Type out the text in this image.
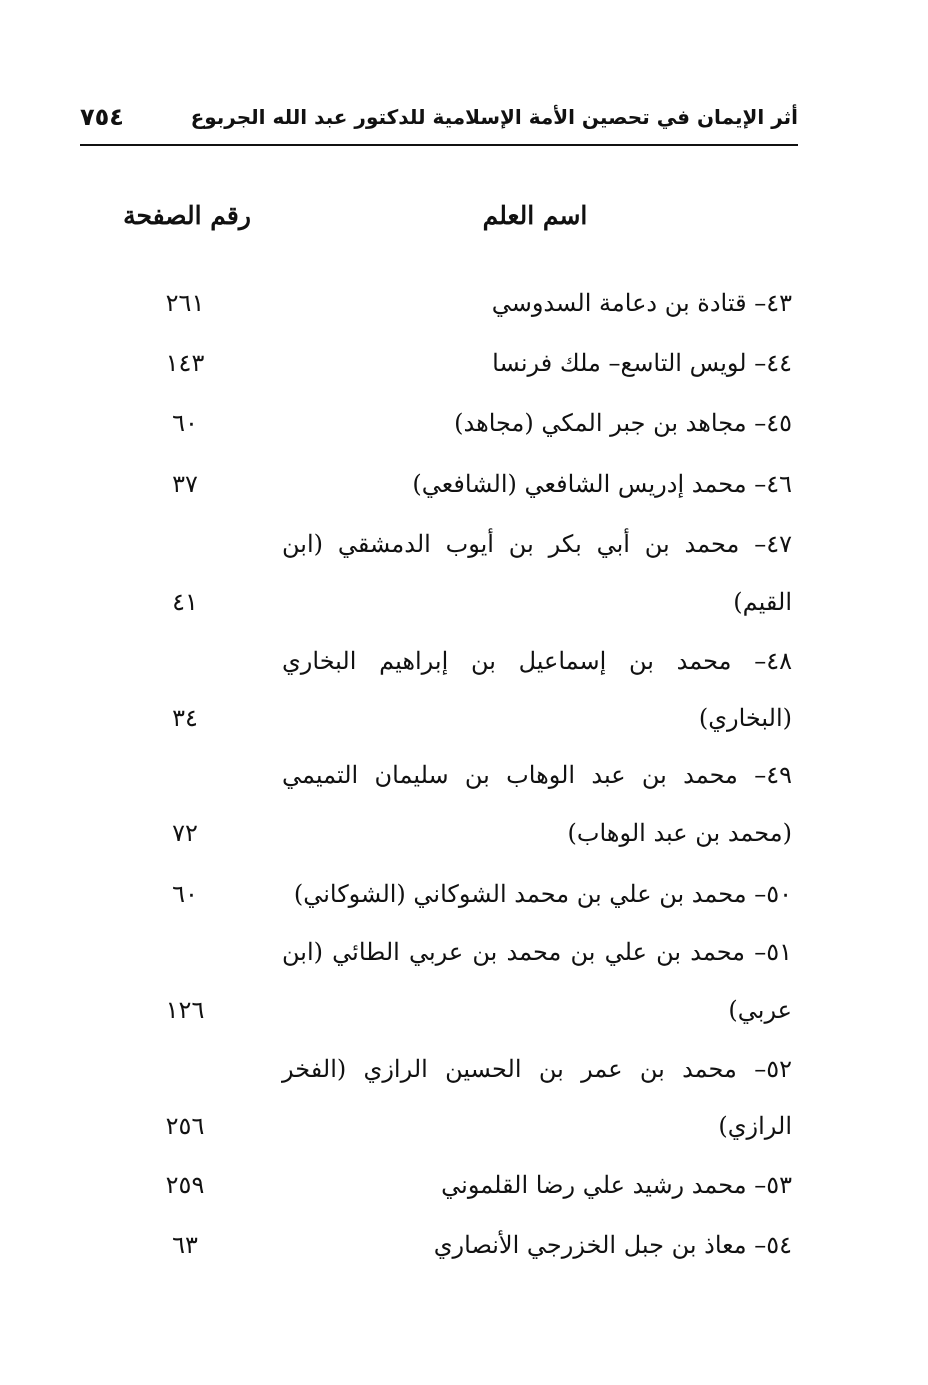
أثر الإيمان في تحصين الأمة الإسلامية للدكتور عبد الله الجربوع
٧٥٤
اسم العلم
رقم الصفحة
٤٣– قتادة بن دعامة السدوسي
٢٦١
٤٤– لويس التاسع– ملك فرنسا
١٤٣
٤٥– مجاهد بن جبر المكي (مجاهد)
٦٠
٤٦– محمد إدريس الشافعي (الشافعي)
٣٧
٤٧– محمد بن أبي بكر بن أيوب الدمشقي (ابن
القيم)
٤١
٤٨– محمد بن إسماعيل بن إبراهيم البخاري
(البخاري)
٣٤
٤٩– محمد بن عبد الوهاب بن سليمان التميمي
(محمد بن عبد الوهاب)
٧٢
٥٠– محمد بن علي بن محمد الشوكاني (الشوكاني)
٦٠
٥١– محمد بن علي بن محمد بن عربي الطائي (ابن
عربي)
١٢٦
٥٢– محمد بن عمر بن الحسين الرازي (الفخر
الرازي)
٢٥٦
٥٣– محمد رشيد علي رضا القلموني
٢٥٩
٥٤– معاذ بن جبل الخزرجي الأنصاري
٦٣
